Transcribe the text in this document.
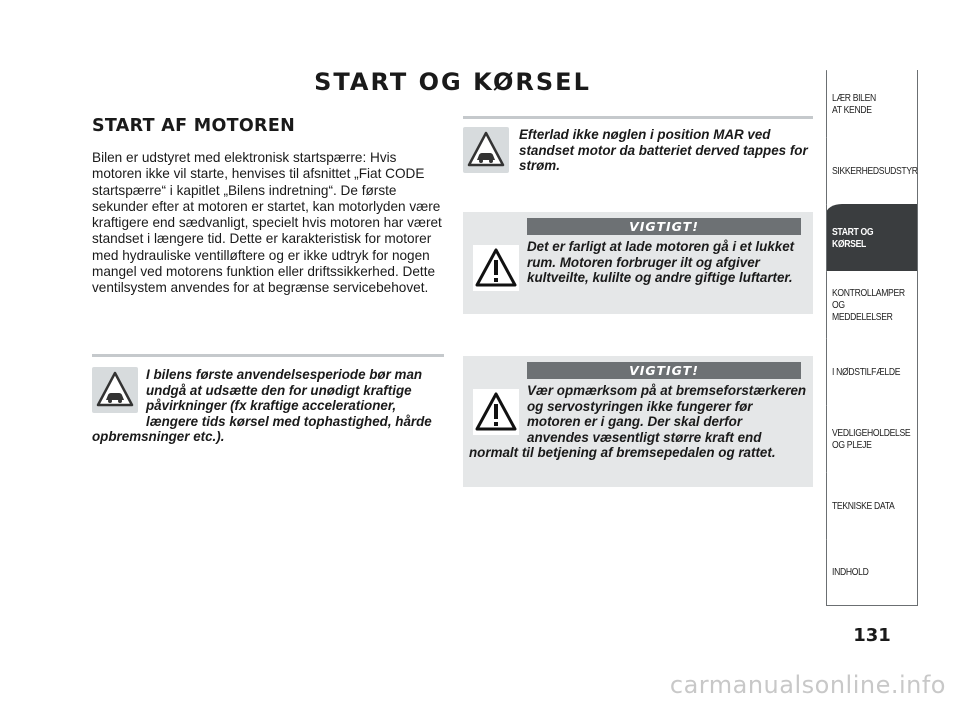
START OG KØRSEL
START AF MOTOREN
Bilen er udstyret med elektronisk startspærre: Hvis motoren ikke vil starte, henvises til afsnittet „Fiat CODE startspærre“ i kapitlet „Bilens indretning“. De første sekunder efter at motoren er startet, kan motorlyden være kraftigere end sædvanligt, specielt hvis motoren har været standset i længere tid. Dette er karakteristisk for motorer med hydrauliske ventilløftere og er ikke udtryk for nogen mangel ved motorens funktion eller driftssikkerhed. Dette ventilsystem anvendes for at begrænse servicebehovet.
I bilens første anvendelsesperiode bør man undgå at udsætte den for unødigt kraftige påvirkninger (fx kraftige accelerationer, længere tids kørsel med tophastighed, hårde opbremsninger etc.).
Efterlad ikke nøglen i position MAR ved standset motor da batteriet derved tappes for strøm.
VIGTIGT!
Det er farligt at lade motoren gå i et lukket rum. Motoren forbruger ilt og afgiver kultveilte, kulilte og andre giftige luftarter.
VIGTIGT!
Vær opmærksom på at bremseforstærkeren og servostyringen ikke fungerer før motoren er i gang. Der skal derfor anvendes væsentligt større kraft end normalt til betjening af bremsepedalen og rattet.
LÆR BILEN
AT KENDE
SIKKERHEDSUDSTYR
START OG KØRSEL
KONTROLLAMPER
OG MEDDELELSER
I NØDSTILFÆLDE
VEDLIGEHOLDELSE
OG PLEJE
TEKNISKE DATA
INDHOLD
131
carmanualsonline.info
